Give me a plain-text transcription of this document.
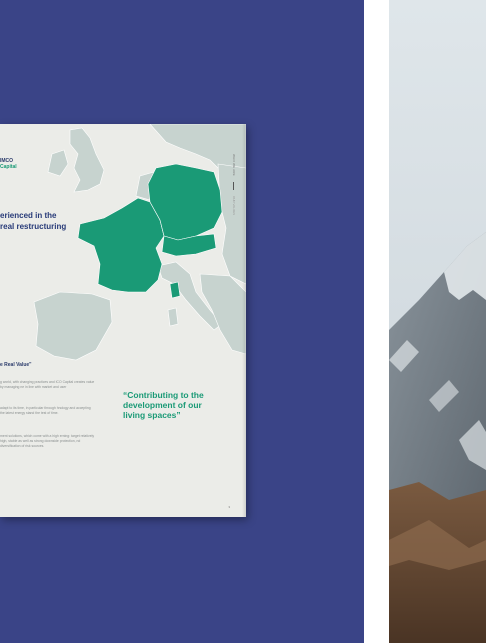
IMCO
Capital
erienced in the real restructuring
WHO WE ARE
OUR VALUES
e Real Value"
g world, with changing practices and ICO Capital creates value by managing ne in line with market and user
adapt to its time, in particular through hnology and accepting the latest energy stand the test of time.
ment solutions, which come with a high erning: target relatively high, stable as well as strong downside protection, nd diversification of risk sources.
“Contributing to the development of our living spaces”
3
